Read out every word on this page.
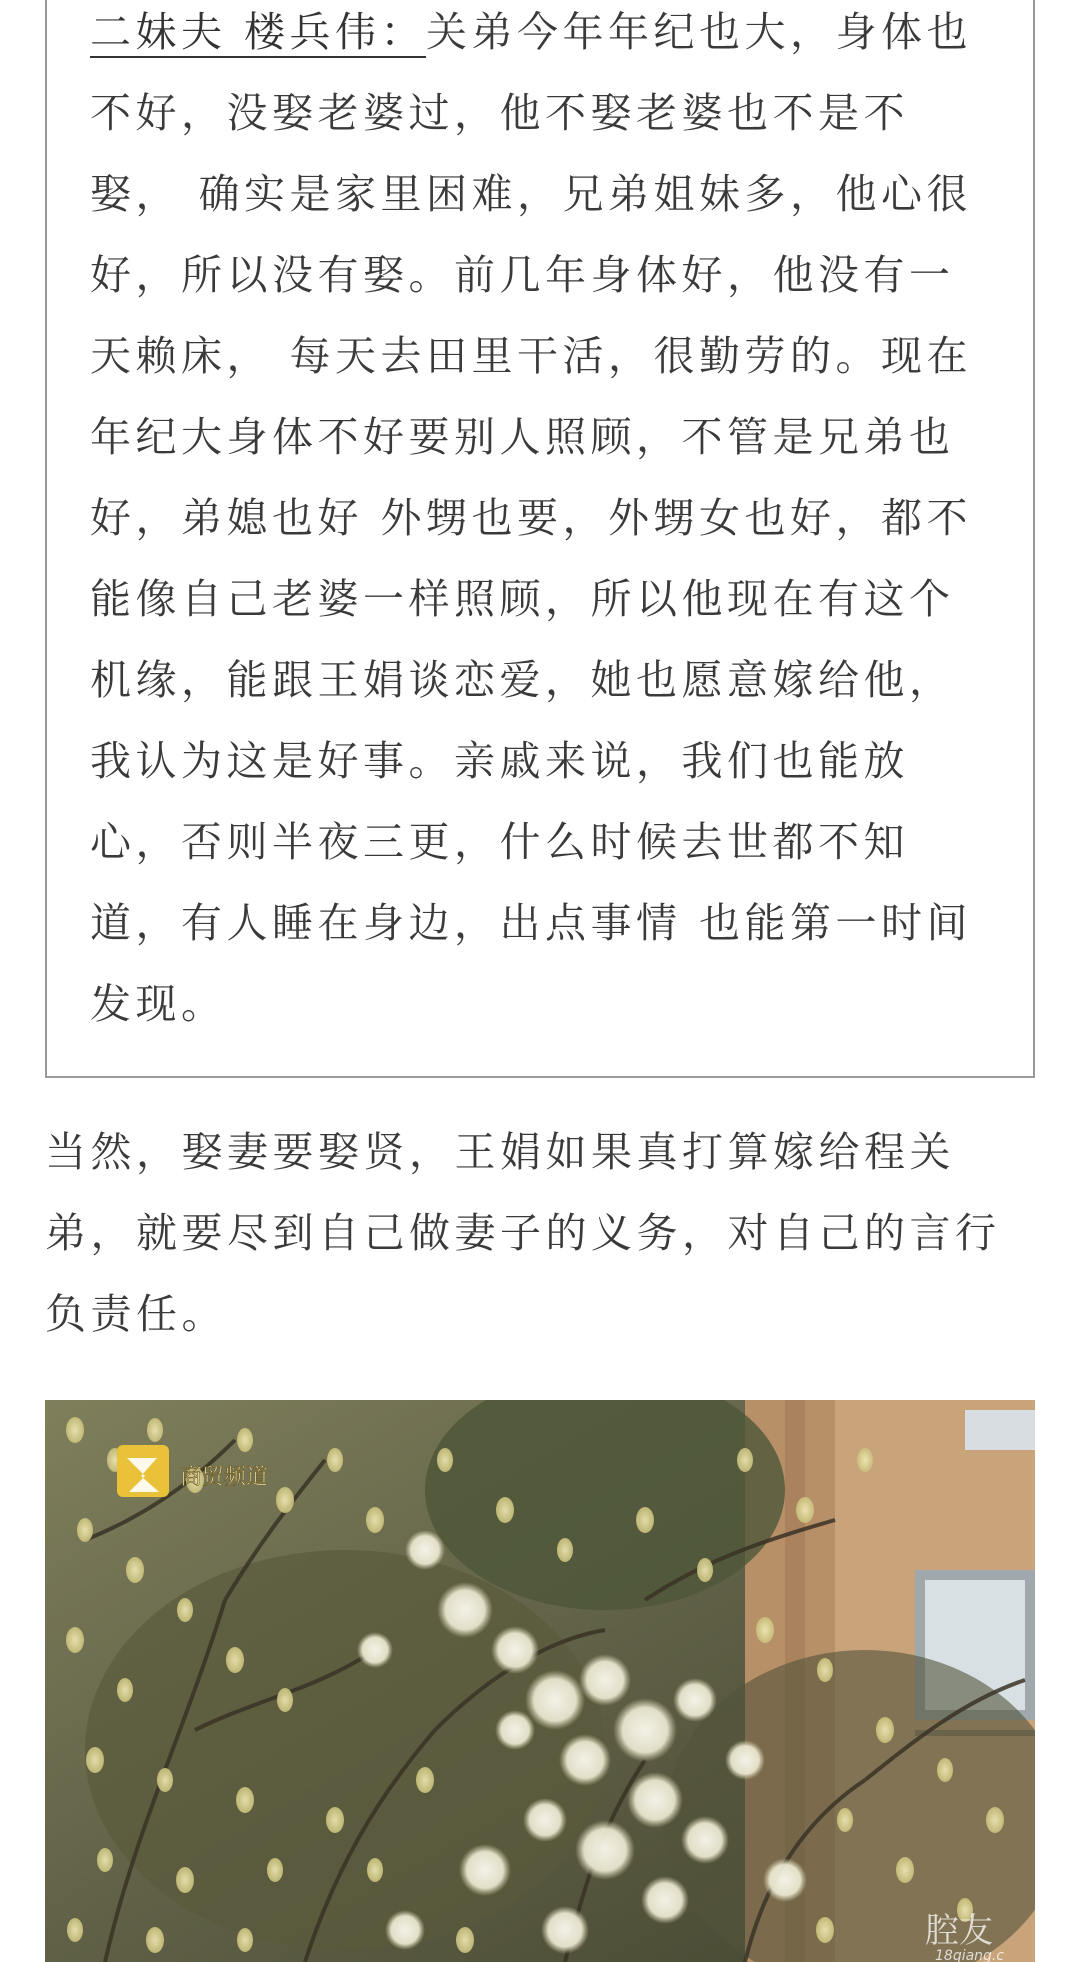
二妹夫 楼兵伟：关弟今年年纪也大，身体也不好，没娶老婆过，他不娶老婆也不是不娶， 确实是家里困难，兄弟姐妹多，他心很好，所以没有娶。前几年身体好，他没有一天赖床， 每天去田里干活，很勤劳的。现在年纪大身体不好要别人照顾，不管是兄弟也好，弟媳也好 外甥也要，外甥女也好，都不能像自己老婆一样照顾，所以他现在有这个机缘，能跟王娟谈恋爱，她也愿意嫁给他，我认为这是好事。亲戚来说，我们也能放心，否则半夜三更，什么时候去世都不知道，有人睡在身边，出点事情 也能第一时间发现。
当然，娶妻要娶贤，王娟如果真打算嫁给程关弟，就要尽到自己做妻子的义务，对自己的言行负责任。
商贸频道
腔友
18qiang.c
